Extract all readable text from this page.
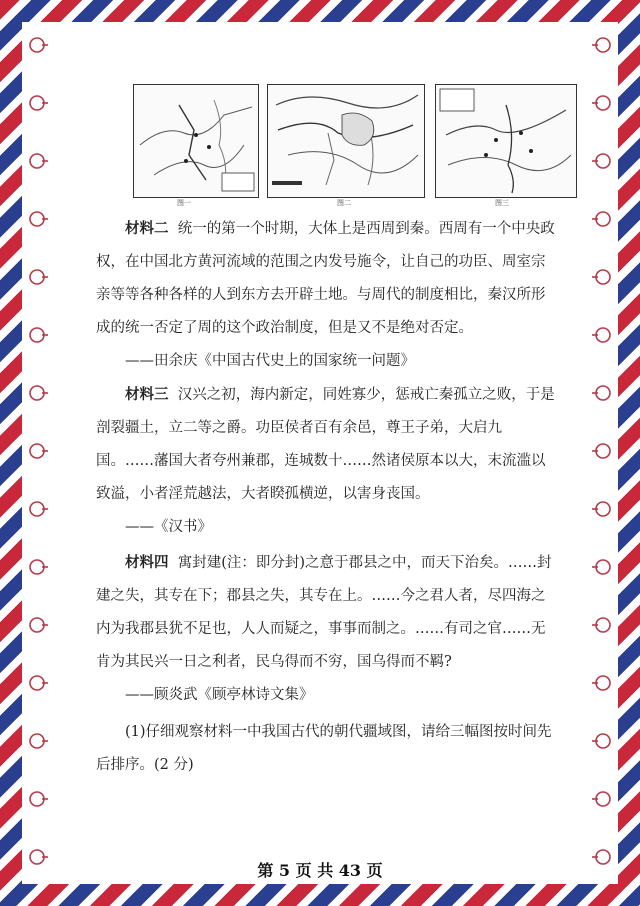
图一	图二	图三

材料二 统一的第一个时期，大体上是西周到秦。西周有一个中央政权，在中国北方黄河流域的范围之内发号施令，让自己的功臣、周室宗亲等等各种各样的人到东方去开辟土地。与周代的制度相比，秦汉所形成的统一否定了周的这个政治制度，但是又不是绝对否定。

——田余庆《中国古代史上的国家统一问题》

材料三 汉兴之初，海内新定，同姓寡少，惩戒亡秦孤立之败，于是剖裂疆土，立二等之爵。功臣侯者百有余邑，尊王子弟，大启九国。……藩国大者夸州兼郡，连城数十……然诸侯原本以大，末流滥以致溢，小者淫荒越法，大者睽孤横逆，以害身丧国。

——《汉书》

材料四 寓封建(注：即分封)之意于郡县之中，而天下治矣。……封建之失，其专在下；郡县之失，其专在上。……今之君人者，尽四海之内为我郡县犹不足也，人人而疑之，事事而制之。……有司之官……无肯为其民兴一日之利者，民乌得而不穷，国乌得而不羁?

——顾炎武《顾亭林诗文集》

(1)仔细观察材料一中我国古代的朝代疆域图，请给三幅图按时间先后排序。(2 分)

第 5 页 共 43 页
